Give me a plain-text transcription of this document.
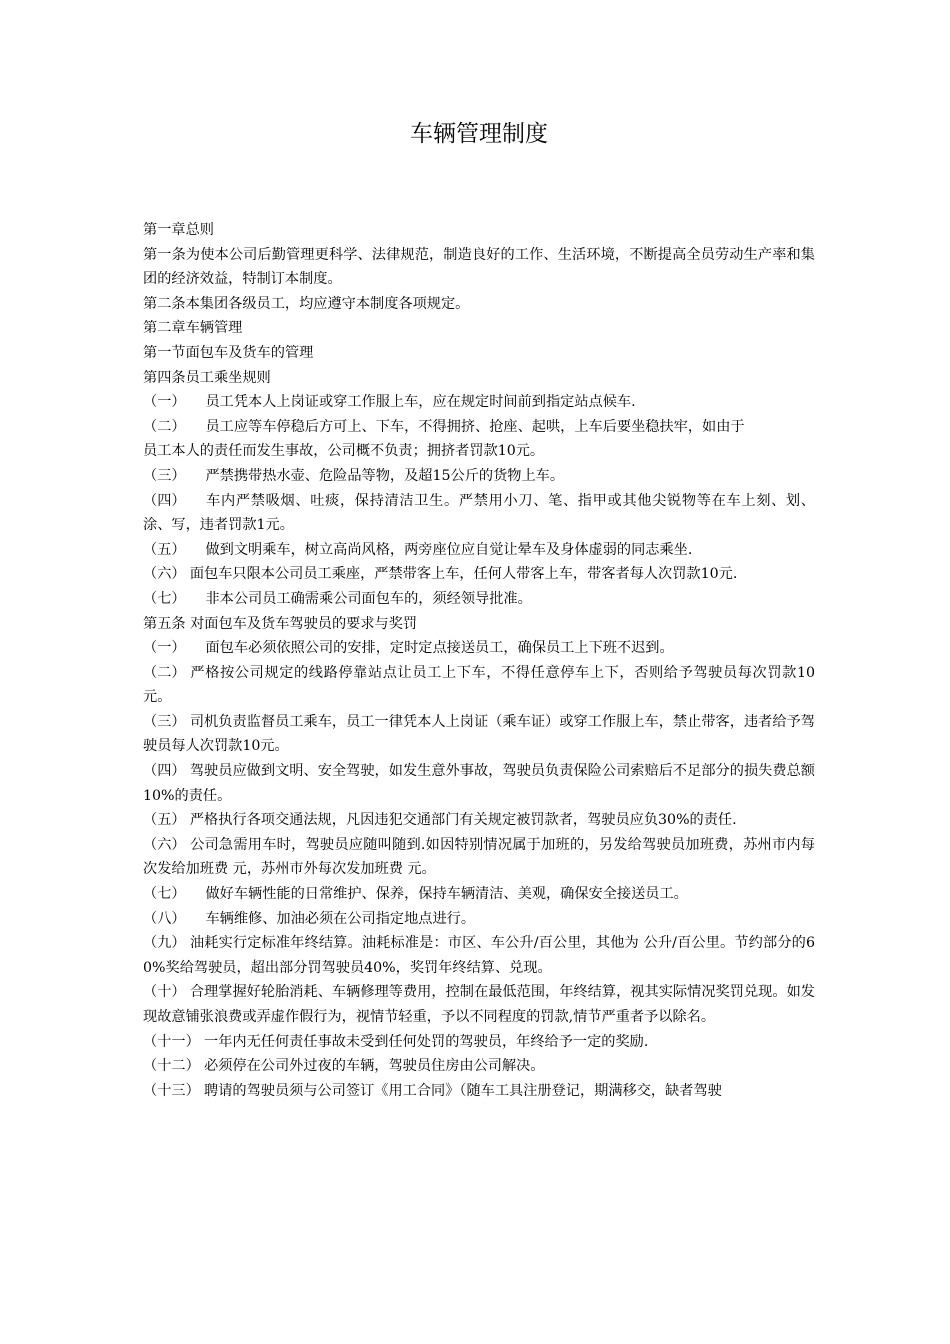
车辆管理制度
第一章总则
第一条为使本公司后勤管理更科学、法律规范，制造良好的工作、生活环境，不断提高全员劳动生产率和集团的经济效益，特制订本制度。
第二条本集团各级员工，均应遵守本制度各项规定。
第二章车辆管理
第一节面包车及货车的管理
第四条员工乘坐规则
（一） 员工凭本人上岗证或穿工作服上车，应在规定时间前到指定站点候车.
（二） 员工应等车停稳后方可上、下车，不得拥挤、抢座、起哄，上车后要坐稳扶牢，如由于
员工本人的责任而发生事故，公司概不负责；拥挤者罚款10元。
（三） 严禁携带热水壶、危险品等物，及超15公斤的货物上车。
（四） 车内严禁吸烟、吐痰，保持清洁卫生。严禁用小刀、笔、指甲或其他尖锐物等在车上刻、划、涂、写，违者罚款1元。
（五） 做到文明乘车，树立高尚风格，两旁座位应自觉让晕车及身体虚弱的同志乘坐.
（六） 面包车只限本公司员工乘座，严禁带客上车，任何人带客上车，带客者每人次罚款10元.
（七） 非本公司员工确需乘公司面包车的，须经领导批准。
第五条 对面包车及货车驾驶员的要求与奖罚
（一） 面包车必须依照公司的安排，定时定点接送员工，确保员工上下班不迟到。
（二） 严格按公司规定的线路停靠站点让员工上下车，不得任意停车上下，否则给予驾驶员每次罚款10元。
（三） 司机负责监督员工乘车，员工一律凭本人上岗证（乘车证）或穿工作服上车，禁止带客，违者给予驾驶员每人次罚款10元。
（四） 驾驶员应做到文明、安全驾驶，如发生意外事故，驾驶员负责保险公司索赔后不足部分的损失费总额10%的责任。
（五） 严格执行各项交通法规，凡因违犯交通部门有关规定被罚款者，驾驶员应负30%的责任.
（六） 公司急需用车时，驾驶员应随叫随到.如因特别情况属于加班的，另发给驾驶员加班费，苏州市内每次发给加班费 元，苏州市外每次发加班费 元。
（七） 做好车辆性能的日常维护、保养，保持车辆清洁、美观，确保安全接送员工。
（八） 车辆维修、加油必须在公司指定地点进行。
（九） 油耗实行定标准年终结算。油耗标准是：市区、车公升/百公里，其他为 公升/百公里。节约部分的60%奖给驾驶员，超出部分罚驾驶员40%，奖罚年终结算、兑现。
（十） 合理掌握好轮胎消耗、车辆修理等费用，控制在最低范围，年终结算，视其实际情况奖罚兑现。如发现故意铺张浪费或弄虚作假行为，视情节轻重，予以不同程度的罚款,情节严重者予以除名。
（十一） 一年内无任何责任事故未受到任何处罚的驾驶员，年终给予一定的奖励.
（十二） 必须停在公司外过夜的车辆，驾驶员住房由公司解决。
（十三） 聘请的驾驶员须与公司签订《用工合同》（随车工具注册登记，期满移交，缺者驾驶
